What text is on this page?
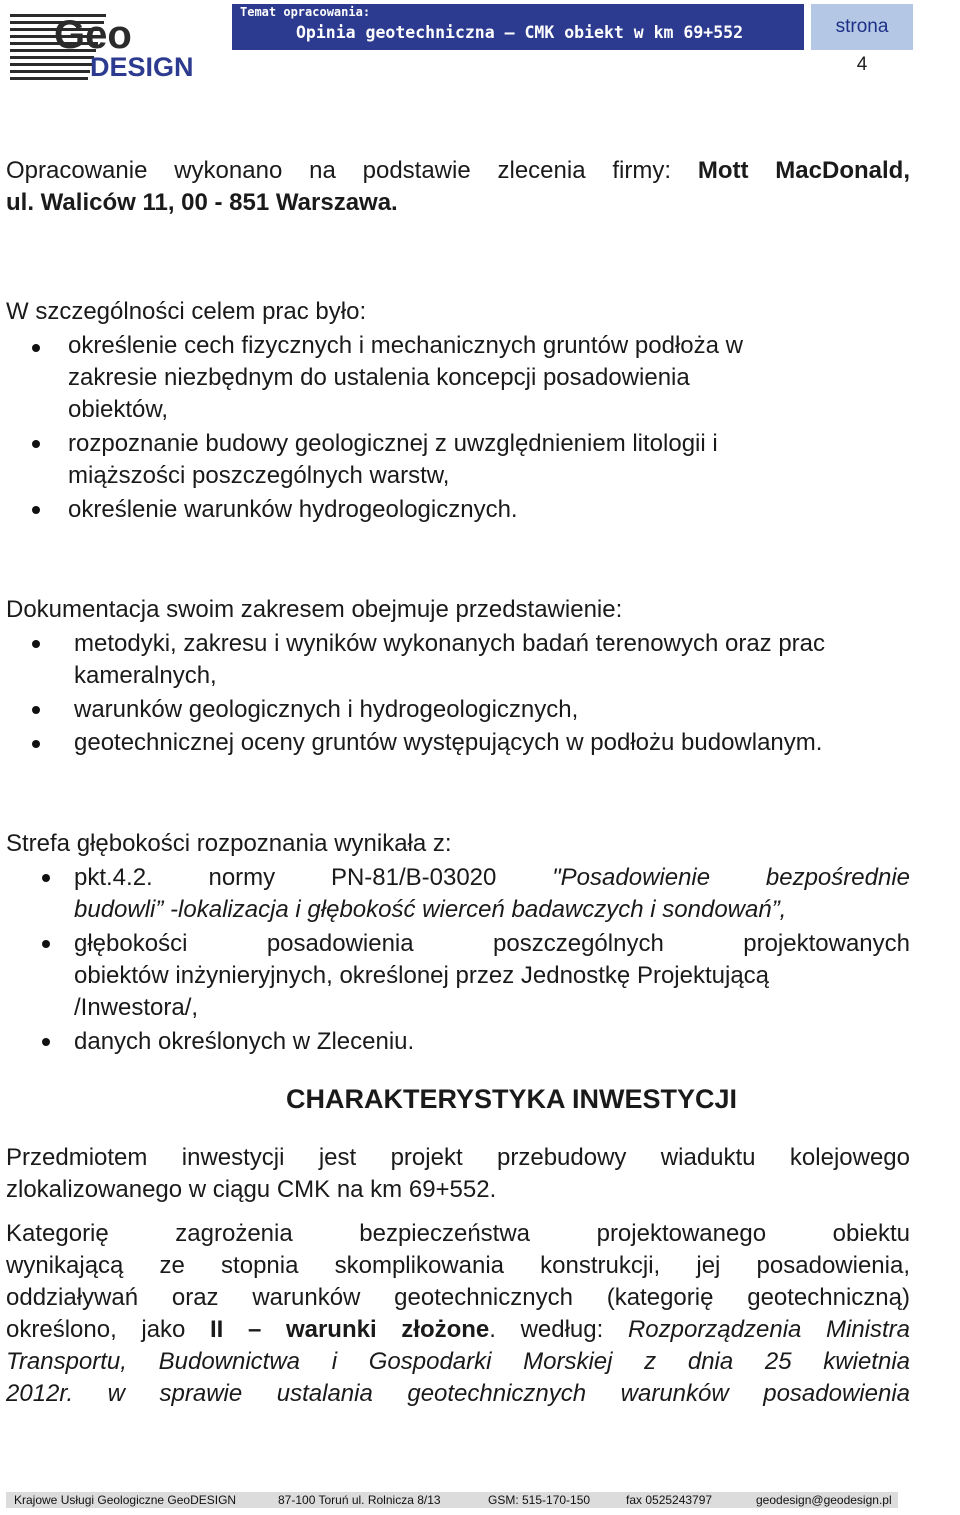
Geo
DESIGN
Temat opracowania:
Opinia geotechniczna – CMK obiekt w km 69+552	strona
4
Opracowanie wykonano na podstawie zlecenia firmy: Mott MacDonald,
ul. Waliców 11, 00 - 851 Warszawa.
W szczególności celem prac było:
określenie cech fizycznych i mechanicznych gruntów podłoża w
zakresie niezbędnym do ustalenia koncepcji posadowienia
obiektów,
rozpoznanie budowy geologicznej z uwzględnieniem litologii i
miąższości poszczególnych warstw,
określenie warunków hydrogeologicznych.
Dokumentacja swoim zakresem obejmuje przedstawienie:
metodyki, zakresu i wyników wykonanych badań terenowych oraz prac
kameralnych,
warunków geologicznych i hydrogeologicznych,
geotechnicznej oceny gruntów występujących w podłożu budowlanym.
Strefa głębokości rozpoznania wynikała z:
pkt.4.2. normy PN-81/B-03020 "Posadowienie bezpośrednie
budowli” -lokalizacja i głębokość wierceń badawczych i sondowań”,
głębokości posadowienia poszczególnych projektowanych
obiektów inżynieryjnych, określonej przez Jednostkę Projektującą
/Inwestora/,
danych określonych w Zleceniu.
CHARAKTERYSTYKA INWESTYCJI
Przedmiotem inwestycji jest projekt przebudowy wiaduktu kolejowego
zlokalizowanego w ciągu CMK na km 69+552.
Kategorię zagrożenia bezpieczeństwa projektowanego obiektu
wynikającą ze stopnia skomplikowania konstrukcji, jej posadowienia,
oddziaływań oraz warunków geotechnicznych (kategorię geotechniczną)
określono, jako II – warunki złożone. według: Rozporządzenia Ministra
Transportu, Budownictwa i Gospodarki Morskiej z dnia 25 kwietnia
2012r. w sprawie ustalania geotechnicznych warunków posadowienia
Krajowe Usługi Geologiczne GeoDESIGN	87-100 Toruń ul. Rolnicza 8/13	GSM: 515-170-150	fax 0525243797	geodesign@geodesign.pl
